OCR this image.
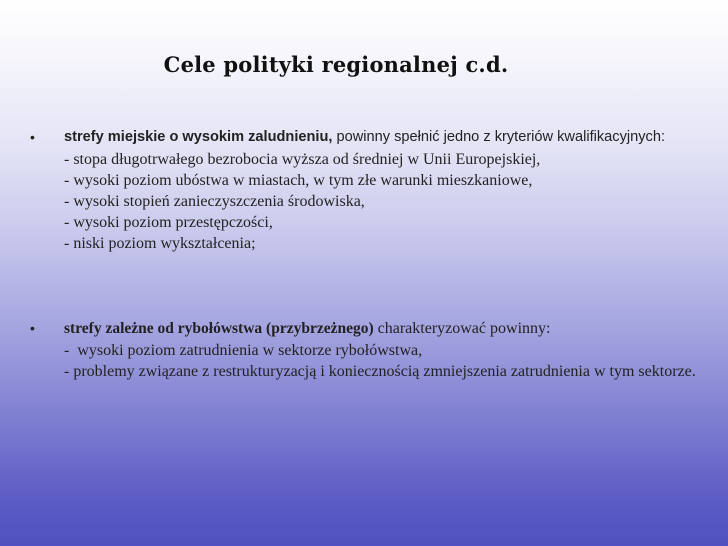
Cele polityki regionalnej c.d.
•	strefy miejskie o wysokim zaludnieniu, powinny spełnić jedno z kryteriów kwalifikacyjnych:
- stopa długotrwałego bezrobocia wyższa od średniej w Unii Europejskiej,
- wysoki poziom ubóstwa w miastach, w tym złe warunki mieszkaniowe,
- wysoki stopień zanieczyszczenia środowiska,
- wysoki poziom przestępczości,
- niski poziom wykształcenia;
•	strefy zależne od rybołówstwa (przybrzeżnego) charakteryzować powinny:
-  wysoki poziom zatrudnienia w sektorze rybołówstwa,
- problemy związane z restrukturyzacją i koniecznością zmniejszenia zatrudnienia w tym sektorze.
